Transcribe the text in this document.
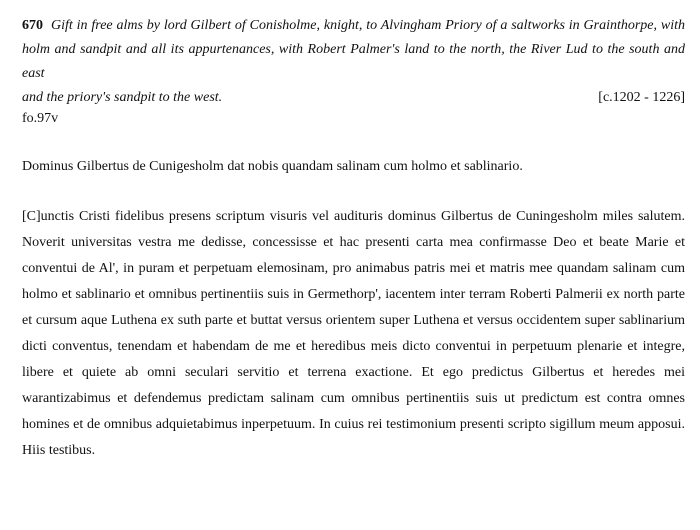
670 Gift in free alms by lord Gilbert of Conisholme, knight, to Alvingham Priory of a saltworks in Grainthorpe, with holm and sandpit and all its appurtenances, with Robert Palmer's land to the north, the River Lud to the south and east

and the priory's sandpit to the west.	[c.1202 - 1226]

fo.97v

Dominus Gilbertus de Cunigesholm dat nobis quandam salinam cum holmo et sablinario.

[C]unctis Cristi fidelibus presens scriptum visuris vel audituris dominus Gilbertus de Cuningesholm miles salutem. Noverit universitas vestra me dedisse, concessisse et hac presenti carta mea confirmasse Deo et beate Marie et conventui de Al', in puram et perpetuam elemosinam, pro animabus patris mei et matris mee quandam salinam cum holmo et sablinario et omnibus pertinentiis suis in Germethorp', iacentem inter terram Roberti Palmerii ex north parte et cursum aque Luthena ex suth parte et buttat versus orientem super Luthena et versus occidentem super sablinarium dicti conventus, tenendam et habendam de me et heredibus meis dicto conventui in perpetuum plenarie et integre, libere et quiete ab omni seculari servitio et terrena exactione. Et ego predictus Gilbertus et heredes mei warantizabimus et defendemus predictam salinam cum omnibus pertinentiis suis ut predictum est contra omnes homines et de omnibus adquietabimus inperpetuum. In cuius rei testimonium presenti scripto sigillum meum apposui. Hiis testibus.
